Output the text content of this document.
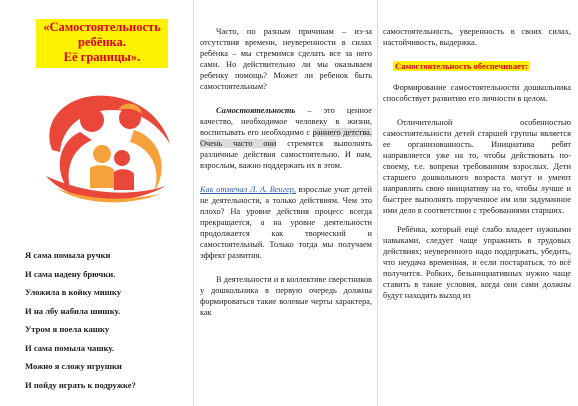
«Самостоятельность
ребёнка.
Её границы».
Я сама помыла ручки
И сама надену брючки.
Уложила в койку мишку
И на лбу набила шишку.
Утром я поела кашку
И сама помыла чашку.
Можно я сложу игрушки
И пойду играть к подружке?

Часто, по разным причинам – из-за отсутствия времени, неуверенности в силах ребёнка – мы стремимся сделать все за него сами. Но действительно ли мы оказываем ребенку помощь? Может ли ребенок быть самостоятельным?

Самостоятельность – это ценное качество, необходимое человеку в жизни, воспитывать его необходимо с раннего детства. Очень часто они стремятся выполнять различные действия самостоятельно. И нам, взрослым, важно поддержать их в этом.

Как отмечал Л. А. Венгер, взрослые учат детей не деятельности, а только действиям. Чем это плохо? На уровне действия процесс всегда прекращается, а на уровне деятельности продолжается как творческий и самостоятельный. Только тогда мы получаем эффект развития.

В деятельности и в коллективе сверстников у дошкольника в первую очередь должны формироваться такие волевые черты характера, как

самостоятельность, уверенность в своих силах, настойчивость, выдержка.

Самостоятельность обеспечивает:

Формирование самостоятельности дошкольника способствует развитию его личности в целом.

Отличительной особенностью самостоятельности детей старшей группы является ее организованность. Инициатива ребят направляется уже на то, чтобы действовать по-своему, т.е. вопреки требованиям взрослых. Дети старшего дошкольного возраста могут и умеют направлять свою инициативу на то, чтобы лучше и быстрее выполнять порученное им или задуманное ими дело в соответствии с требованиями старших.

Ребёнка, который ещё слабо владеет нужными навыками, следует чаще упражнять в трудовых действиях; неуверенного надо поддержать, убедить, что неудача временная, и если постараться, то всё получится. Робких, безынициативных нужно чаще ставить в такие условия, когда они сами должны будут находить выход из
